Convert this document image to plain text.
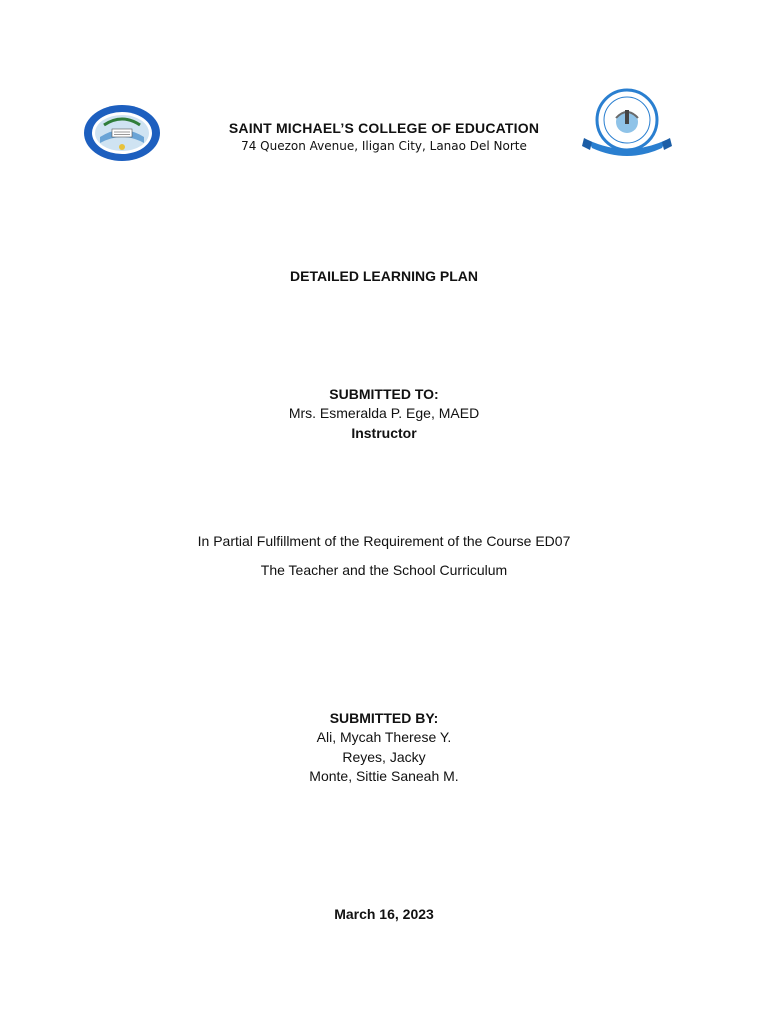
SAINT MICHAEL’S COLLEGE OF EDUCATION
74 Quezon Avenue, Iligan City, Lanao Del Norte
DETAILED LEARNING PLAN
SUBMITTED TO:
Mrs. Esmeralda P. Ege, MAED
Instructor
In Partial Fulfillment of the Requirement of the Course ED07
The Teacher and the School Curriculum
SUBMITTED BY:
Ali, Mycah Therese Y.
Reyes, Jacky
Monte, Sittie Saneah M.
March 16, 2023
